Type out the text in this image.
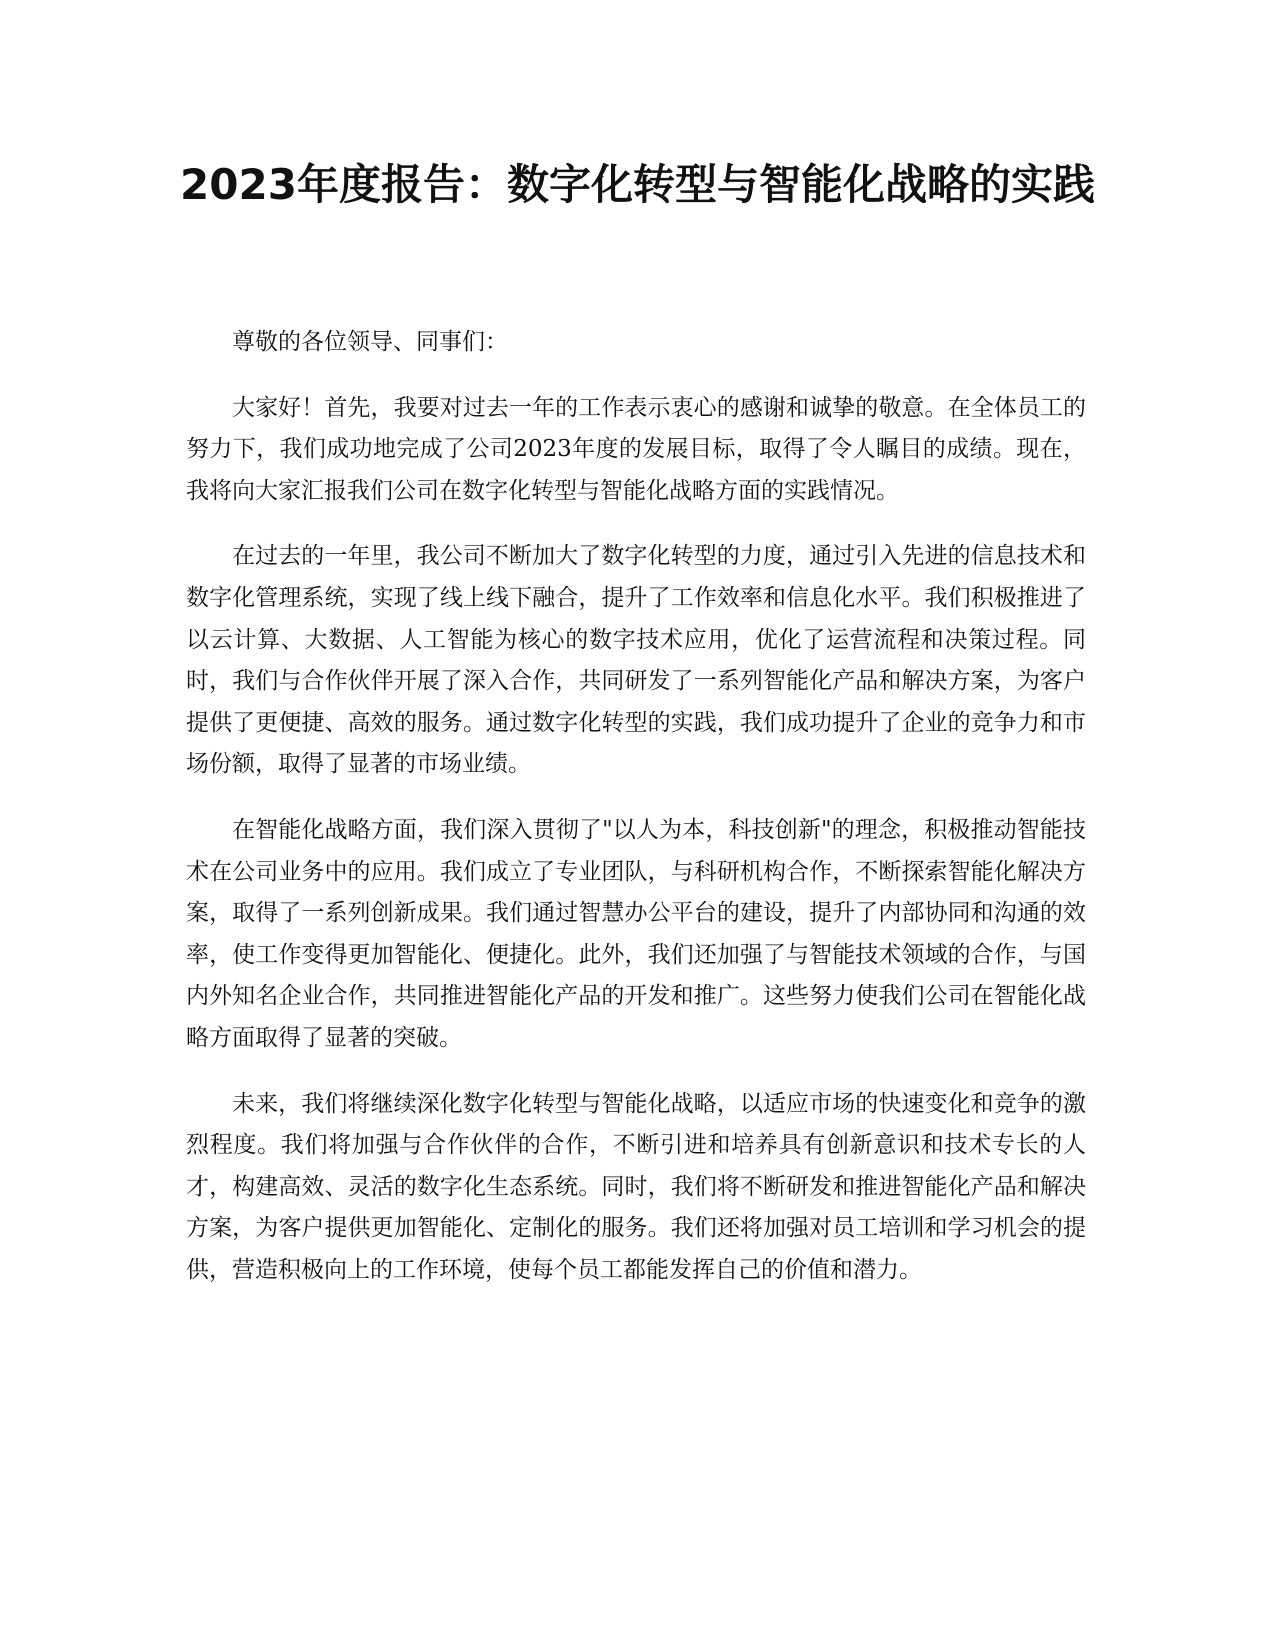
2023年度报告：数字化转型与智能化战略的实践

尊敬的各位领导、同事们：

大家好！首先，我要对过去一年的工作表示衷心的感谢和诚挚的敬意。在全体员工的努力下，我们成功地完成了公司2023年度的发展目标，取得了令人瞩目的成绩。现在，我将向大家汇报我们公司在数字化转型与智能化战略方面的实践情况。

在过去的一年里，我公司不断加大了数字化转型的力度，通过引入先进的信息技术和数字化管理系统，实现了线上线下融合，提升了工作效率和信息化水平。我们积极推进了以云计算、大数据、人工智能为核心的数字技术应用，优化了运营流程和决策过程。同时，我们与合作伙伴开展了深入合作，共同研发了一系列智能化产品和解决方案，为客户提供了更便捷、高效的服务。通过数字化转型的实践，我们成功提升了企业的竞争力和市场份额，取得了显著的市场业绩。

在智能化战略方面，我们深入贯彻了"以人为本，科技创新"的理念，积极推动智能技术在公司业务中的应用。我们成立了专业团队，与科研机构合作，不断探索智能化解决方案，取得了一系列创新成果。我们通过智慧办公平台的建设，提升了内部协同和沟通的效率，使工作变得更加智能化、便捷化。此外，我们还加强了与智能技术领域的合作，与国内外知名企业合作，共同推进智能化产品的开发和推广。这些努力使我们公司在智能化战略方面取得了显著的突破。

未来，我们将继续深化数字化转型与智能化战略，以适应市场的快速变化和竞争的激烈程度。我们将加强与合作伙伴的合作，不断引进和培养具有创新意识和技术专长的人才，构建高效、灵活的数字化生态系统。同时，我们将不断研发和推进智能化产品和解决方案，为客户提供更加智能化、定制化的服务。我们还将加强对员工培训和学习机会的提供，营造积极向上的工作环境，使每个员工都能发挥自己的价值和潜力。
